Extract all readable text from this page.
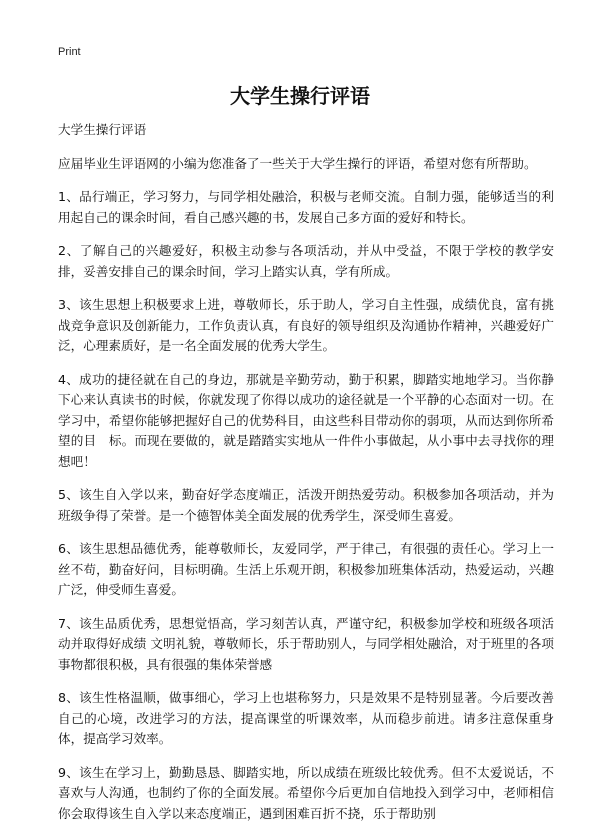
Print
大学生操行评语

大学生操行评语

应届毕业生评语网的小编为您准备了一些关于大学生操行的评语，希望对您有所帮助。

1、品行端正，学习努力，与同学相处融洽，积极与老师交流。自制力强，能够适当的利用起自己的课余时间，看自己感兴趣的书，发展自己多方面的爱好和特长。

2、了解自己的兴趣爱好，积极主动参与各项活动，并从中受益，不限于学校的教学安排，妥善安排自己的课余时间，学习上踏实认真，学有所成。

3、该生思想上积极要求上进，尊敬师长，乐于助人，学习自主性强，成绩优良，富有挑战竞争意识及创新能力，工作负责认真，有良好的领导组织及沟通协作精神，兴趣爱好广泛，心理素质好，是一名全面发展的优秀大学生。

4、成功的捷径就在自己的身边，那就是辛勤劳动，勤于积累，脚踏实地地学习。当你静下心来认真读书的时候，你就发现了你得以成功的途径就是一个平静的心态面对一切。在学习中，希望你能够把握好自己的优势科目，由这些科目带动你的弱项，从而达到你所希望的目　标。而现在要做的，就是踏踏实实地从一件件小事做起，从小事中去寻找你的理想吧！

5、该生自入学以来，勤奋好学态度端正，活泼开朗热爱劳动。积极参加各项活动，并为班级争得了荣誉。是一个德智体美全面发展的优秀学生，深受师生喜爱。

6、该生思想品德优秀，能尊敬师长，友爱同学，严于律己，有很强的责任心。学习上一丝不苟，勤奋好问，目标明确。生活上乐观开朗，积极参加班集体活动，热爱运动，兴趣广泛，伸受师生喜爱。

7、该生品质优秀，思想觉悟高，学习刻苦认真，严谨守纪，积极参加学校和班级各项活动并取得好成绩 文明礼貌，尊敬师长，乐于帮助别人，与同学相处融洽，对于班里的各项事物都很积极，具有很强的集体荣誉感

8、该生性格温顺，做事细心，学习上也堪称努力，只是效果不是特别显著。今后要改善自己的心境，改进学习的方法，提高课堂的听课效率，从而稳步前进。请多注意保重身体，提高学习效率。

9、该生在学习上，勤勤恳恳、脚踏实地，所以成绩在班级比较优秀。但不太爱说话，不喜欢与人沟通，也制约了你的全面发展。希望你今后更加自信地投入到学习中，老师相信你会取得该生自入学以来态度端正，遇到困难百折不挠，乐于帮助别
